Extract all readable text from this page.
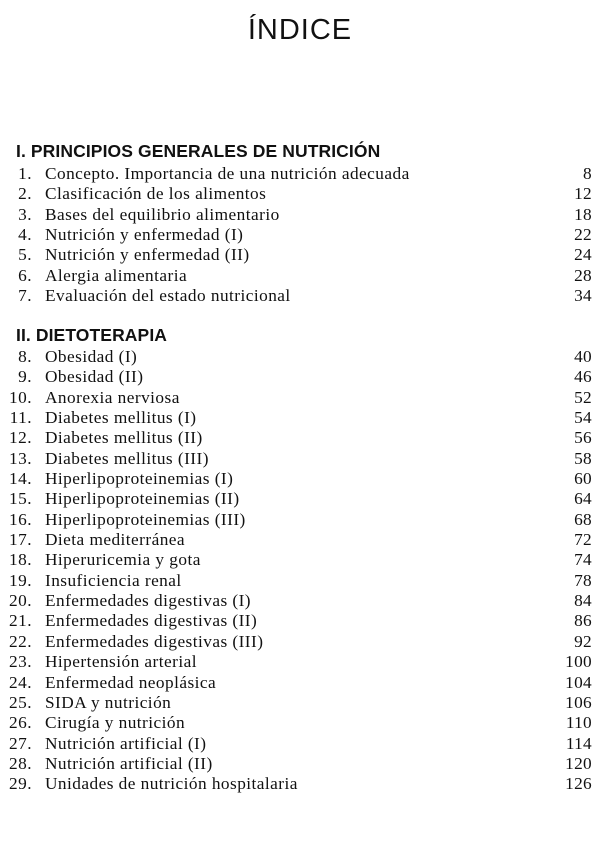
ÍNDICE
I. PRINCIPIOS GENERALES DE NUTRICIÓN
1 . Concepto. Importancia de una nutrición adecuada	8
2 . Clasificación de los alimentos	12
3 . Bases del equilibrio alimentario	18
4 . Nutrición y enfermedad (I)	22
5 . Nutrición y enfermedad (II)	24
6 . Alergia alimentaria	28
7 . Evaluación del estado nutricional	34
II. DIETOTERAPIA
8 . Obesidad (I)	40
9 . Obesidad (II)	46
10 . Anorexia nerviosa	52
11 . Diabetes mellitus (I)	54
12 . Diabetes mellitus (II)	56
13 . Diabetes mellitus (III)	58
14 . Hiperlipoproteinemias (I)	60
15 . Hiperlipoproteinemias (II)	64
16 . Hiperlipoproteinemias (III)	68
17 . Dieta mediterránea	72
18 . Hiperuricemia y gota	74
19 . Insuficiencia renal	78
20 . Enfermedades digestivas (I)	84
21 . Enfermedades digestivas (II)	86
22 . Enfermedades digestivas (III)	92
23 . Hipertensión arterial	100
24 . Enfermedad neoplásica	104
25 . SIDA y nutrición	106
26 . Cirugía y nutrición	110
27 . Nutrición artificial (I)	114
28 . Nutrición artificial (II)	120
29 . Unidades de nutrición hospitalaria	126
